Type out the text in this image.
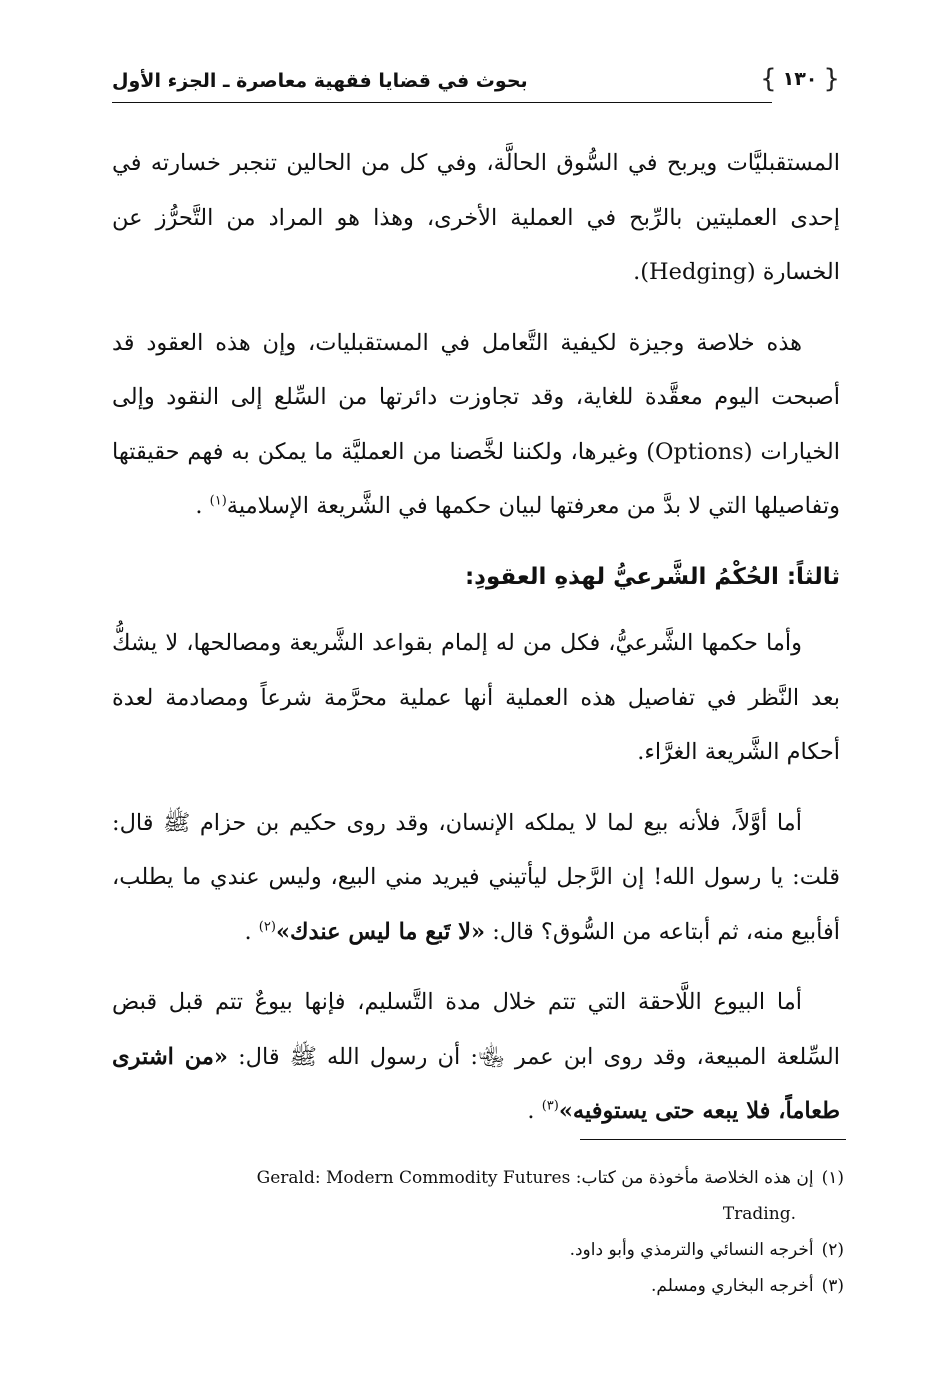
{
١٣٠
}
بحوث في قضايا فقهية معاصرة ـ الجزء الأول

المستقبليَّات ويربح في السُّوق الحالَّة، وفي كل من الحالين تنجبر خسارته في إحدى العمليتين بالرِّبح في العملية الأخرى، وهذا هو المراد من التَّحرُّز عن الخسارة (Hedging).

هذه خلاصة وجيزة لكيفية التَّعامل في المستقبليات، وإن هذه العقود قد أصبحت اليوم معقَّدة للغاية، وقد تجاوزت دائرتها من السِّلع إلى النقود وإلى الخيارات (Options) وغيرها، ولكننا لخَّصنا من العمليَّة ما يمكن به فهم حقيقتها وتفاصيلها التي لا بدَّ من معرفتها لبيان حكمها في الشَّريعة الإسلامية$^{(١)}$ .

ثالثاً: الحُكْمُ الشَّرعيُّ لهذهِ العقودِ:

وأما حكمها الشَّرعيُّ، فكل من له إلمام بقواعد الشَّريعة ومصالحها، لا يشكُّ بعد النَّظر في تفاصيل هذه العملية أنها عملية محرَّمة شرعاً ومصادمة لعدة أحكام الشَّريعة الغرَّاء.

أما أوَّلاً، فلأنه بيع لما لا يملكه الإنسان، وقد روى حكيم بن حزام ﷺ قال: قلت: يا رسول الله! إن الرَّجل ليأتيني فيريد مني البيع، وليس عندي ما يطلب، أفأبيع منه، ثم أبتاعه من السُّوق؟ قال: «لا تَبع ما ليس عندك»$^{(٢)}$ .

أما البيوع اللَّاحقة التي تتم خلال مدة التَّسليم، فإنها بيوعٌ تتم قبل قبض السِّلعة المبيعة، وقد روى ابن عمر ﵄: أن رسول الله ﷺ قال: «من اشترى طعاماً، فلا يبعه حتى يستوفيه»$^{(٣)}$ .

(١)إن هذه الخلاصة مأخوذة من كتاب: Gerald: Modern Commodity Futures

.Trading

(٢)أخرجه النسائي والترمذي وأبو داود.

(٣)أخرجه البخاري ومسلم.
